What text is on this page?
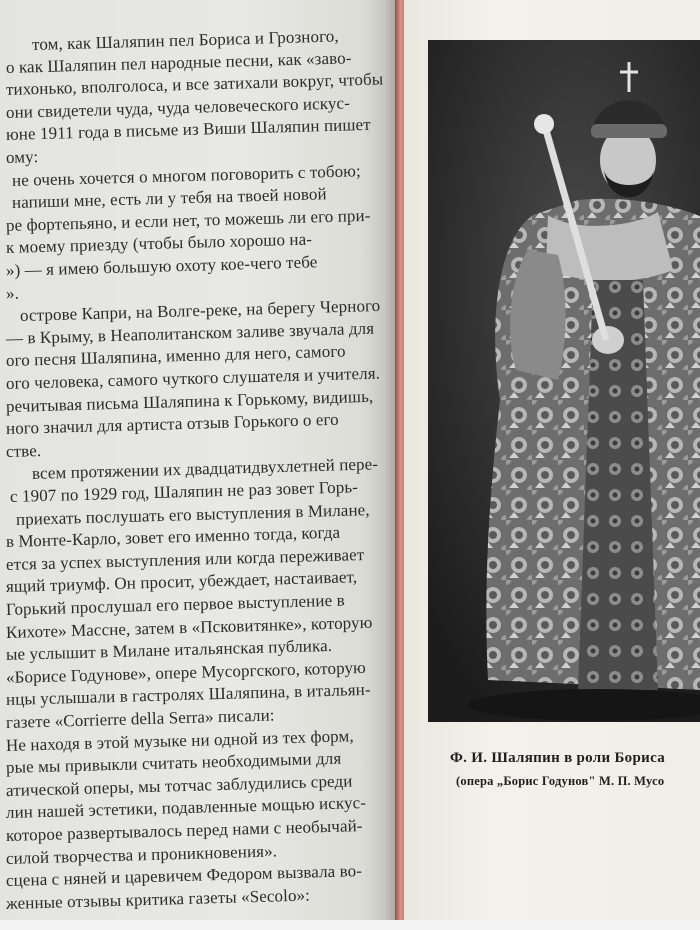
том, как Шаляпин пел Бориса и Грозного,
о как Шаляпин пел народные песни, как «заво-
тихонько, вполголоса, и все затихали вокруг, чтобы
они свидетели чуда, чуда человеческого искус-
юне 1911 года в письме из Виши Шаляпин пишет
ому:
не очень хочется о многом поговорить с тобою;
напиши мне, есть ли у тебя на твоей новой
ре фортепьяно, и если нет, то можешь ли его при-
к моему приезду (чтобы было хорошо на-
») — я имею большую охоту кое-чего тебе
».
острове Капри, на Волге-реке, на берегу Черного
— в Крыму, в Неаполитанском заливе звучала для
ого песня Шаляпина, именно для него, самого
ого человека, самого чуткого слушателя и учителя.
речитывая письма Шаляпина к Горькому, видишь,
ного значил для артиста отзыв Горького о его
стве.
всем протяжении их двадцатидвухлетней пере-
с 1907 по 1929 год, Шаляпин не раз зовет Горь-
приехать послушать его выступления в Милане,
в Монте-Карло, зовет его именно тогда, когда
ется за успех выступления или когда переживает
ящий триумф. Он просит, убеждает, настаивает,
Горький прослушал его первое выступление в
Кихоте» Массне, затем в «Псковитянке», которую
ые услышит в Милане итальянская публика.
«Борисе Годунове», опере Мусоргского, которую
нцы услышали в гастролях Шаляпина, в итальян-
газете «Corrierre della Serra» писали:
Не находя в этой музыке ни одной из тех форм,
рые мы привыкли считать необходимыми для
атической оперы, мы тотчас заблудились среди
лин нашей эстетики, подавленные мощью искус-
которое развертывалось перед нами с необычай-
силой творчества и проникновения».
сцена с няней и царевичем Федором вызвала во-
женные отзывы критика газеты «Secolo»:
Ф. И. Шаляпин в роли Бориса
(опера „Борис Годунов" М. П. Мусо
